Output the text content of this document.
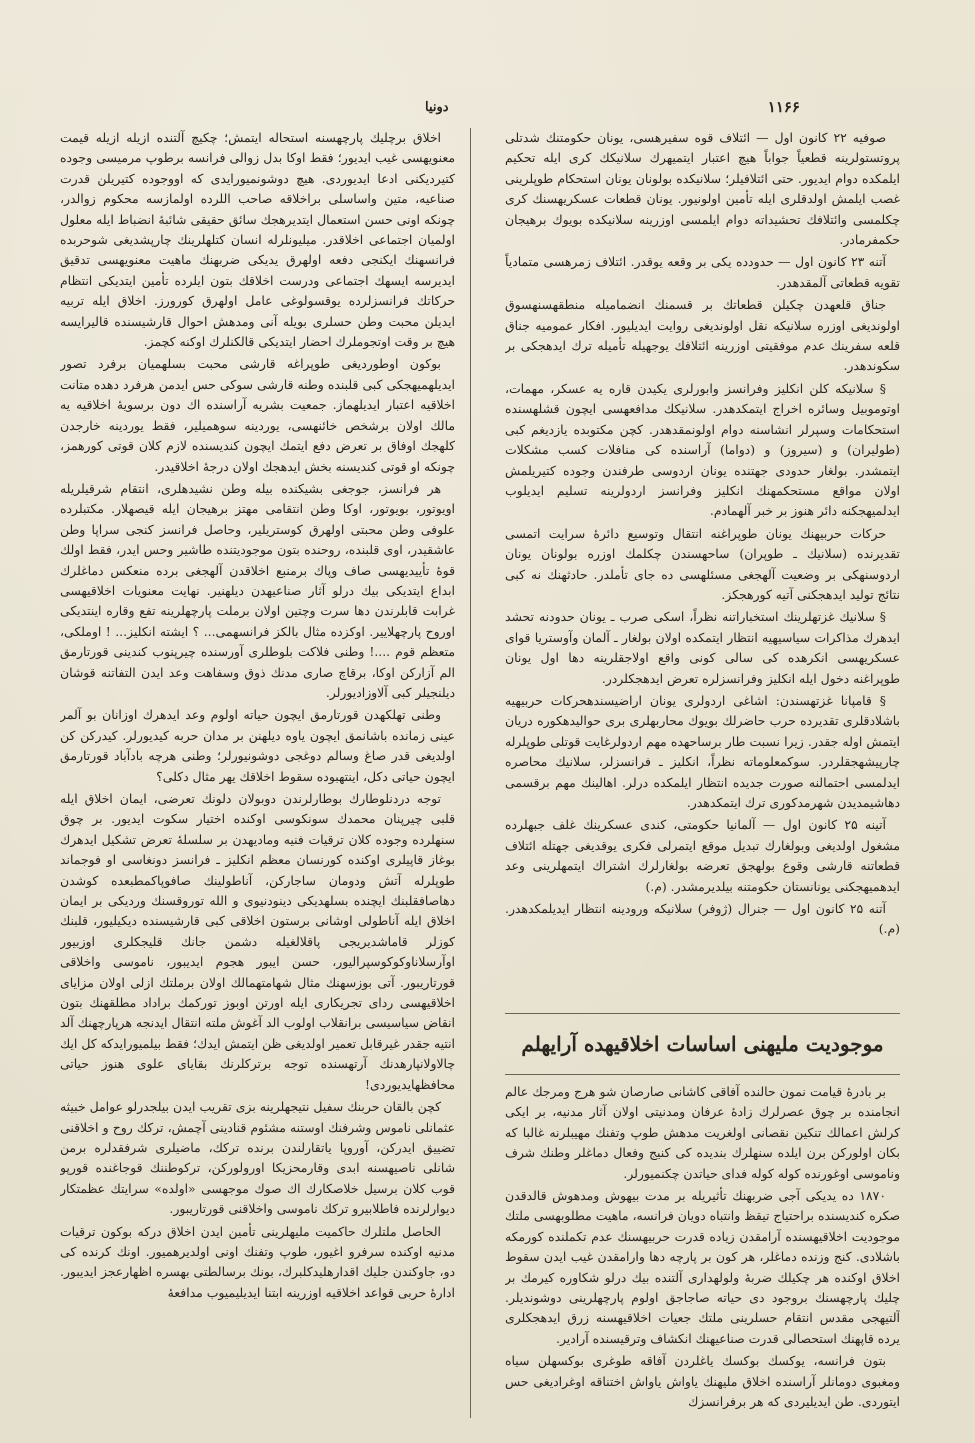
۱۱۶۶
دونیا

صوفیه ۲۲ کانون اول — ائتلاف قوه سفیرهسی، یونان حکومتنك شدتلی پروتستولرینه قطعیاً جواباً هیچ اعتبار ایتمیهرك سلانیكك کری ایله تحکیم ایلمکده دوام ایدیور. حتی ائتلافیلر؛ سلانیکده بولونان یونان استحکام طوپلرینی غصب ایلمش اولدقلری ایله تأمین اولونیور. یونان قطعات عسکریهسنك کری چکلمسی وائتلافك تحشیداته دوام ایلمسی اوزرینه سلانیکده بویوك برهیجان حکمفرمادر.

آتنه ۲۳ کانون اول — حدودده یکی بر وقعه یوقدر. ائتلاف زمرهسی متمادیاً تقویه قطعاتی آلمقدهدر.

جناق قلعهدن چکیلن قطعاتك بر قسمنك انضمامیله منطقهسنهسوق اولوندیغی اوزره سلانیکه نقل اولوندیغی روایت ایدیلیور. افکار عمومیه جناق قلعه سفرینك عدم موفقیتی اوزرینه ائتلافك یوجهیله تأمیله ترك ایدهجکی بر سکوندهدر.

§ سلانیکه کلن انکلیز وفرانسز وابورلری یکیدن قاره یه عسکر، مهمات، اوتوموبیل وسائره اخراج ایتمکدهدر. سلانیکك مدافعهسی ایچون قشلهسنده استحکامات وسپرلر انشاسنه دوام اولونمقدهدر. کچن مکتوبده یازدیغم کبی (طولیران) و (سیروز) و (دواما) آراسنده کی منافلات کسب مشکلات ایتمشدر. بولغار حدودی جهتنده یونان اردوسی طرفندن وجوده کتیریلمش اولان مواقع مستحکمهنك انکلیز وفرانسز اردولرینه تسلیم ایدیلوب ایدلمیهجکنه دائر هنوز بر خبر آلهمادم.

حرکات حربیهنك یونان طوپراغنه انتقال وتوسیع دائرهٔ سرایت اتمسی تقدیرنده (سلانیك ـ طوپران) ساحهسندن چکلمك اوزره بولونان یونان اردوسنهکی بر وضعیت آلهجغی مسئلهسی ده جای تأملدر. حادثهنك نه کبی نتائج تولید ایدهجکنی آتیه کورهجکز.

§ سلانیك غزتهلرینك استخباراتنه نظراً، اسکی صرب ـ یونان حدودنه تحشد ایدهرك مذاکرات سیاسیهیه انتظار ایتمکده اولان بولغار ـ آلمان وآوستریا قوای عسکریهسی انکرهده کی سالی کونی واقع اولاجقلرینه دها اول یونان طوپراغنه دخول ایله انکلیز وفرانسزلره تعرض ایدهجکلردر.

§ قامپانا غزتهسندن: اشاغی اردولری یونان اراضیسندهحرکات حربیهیه باشلادقلری تقدیرده حرب حاضرلك بویوك محاربهلری بری حوالیدهکوره دریان ایتمش اوله جقدر. زیرا نسبت طار برساحهده مهم اردولرغایت قوتلی طوپلرله چارپیشهجقلردر. سوکمعلوماته نظراً، انکلیز ـ فرانسزلر، سلانیك محاصره ایدلمسی احتمالنه صورت جدیده انتظار ایلمکده درلر. اهالینك مهم برقسمی دهاشیمدیدن شهرمدکوری ترك ایتمکدهدر.

آتینه ۲۵ کانون اول — آلمانیا حکومتی، کندی عسکرینك غلف جبهلرده مشغول اولدیغی وبولغارك تبدیل موقع ایتمرلی فکری یوقدیغی جهتله ائتلاف قطعاتنه قارشی وقوع بولهجق تعرضه بولغارلرك اشتراك ایتمهلرینی وعد ایدهمیهجکنی یونانستان حکومتنه بیلدیرمشدر. (م.)

آتنه ۲۵ کانون اول — جنرال (ژوفر) سلانیکه ورودینه انتظار ایدیلمکدهدر. (م.)

موجودیت ملیهنی اساسات اخلاقیهده آرایهلم

بر بادرهٔ قیامت نمون حالنده آفاقی کاشانی صارصان شو هرج ومرجك عالم انجامنده بر چوق عصرلرك زادهٔ عرفان ومدنیتی اولان آثار مدنیه، بر ایکی کرلش اعمالك تنكین نقصانی اولغریت مدهش طوپ وتفنك مهیبلرنه غالبا که بکان اولورکن برن ایلده سنهلرك بندیده کی کنیج وفعال دماغلر وطنك شرف وناموسی اوغورنده کوله کوله فدای حیاتدن چکنمیورلر.

۱۸۷۰ ده یدیکی آجی ضربهنك تأثیریله بر مدت بیهوش ومدهوش قالدقدن صکره کندیسنده براحتیاج تیقظ وانتباه دویان فرانسه، ماهیت مطلوبهسی ملتك موجودیت اخلاقیهسنده آرامقدن زیاده قدرت حربیهسنك عدم تکملنده کورمکه باشلادی. کنج وزنده دماغلر، هر کون بر پارچه دها وارامقدن غیب ایدن سقوط اخلاق اوکنده هر چکیلك ضربهٔ ولولهداری آلتنده بیك درلو شکاوره کیرمك بر چلیك پارچهسنك بروجود دی حیاته صاجاجق اولوم پارچهلرینی دوشوندیلر. آلتیهجی مقدس انتقام حسلرینی ملتك جعیات اخلاقیهسنه زرق ایدهجکلری یرده قاپهنك استحصالی قدرت صناعیهنك انکشاف وترقیسنده آرادیر.

بتون فرانسه، یوکسك بوکسك یاغلردن آفاقه طوغری بوکسهلن سیاه ومغبوی دومانلر آراسنده اخلاق ملیهنك یاواش یاواش اختناقه اوغرادیغی حس ایتوردی. طن ایدیلیردی که هر برفرانسزك

اخلاق برچلیك پارچهسنه استحاله ایتمش؛ چکیچ آلتنده ازیله ازیله قیمت معنویهسی غیب ایدیور؛ فقط اوکا بدل زوالی فرانسه برطوپ مرمیسی وجوده کتیردیکنی ادعا ایدیوردی. هیچ دوشونمیورایدی که اووجوده کتیریلن قدرت صناعیه، متین واساسلی براخلاقه صاحب اللرده اولمازسه محکوم زوالدر، چونکه اونی حسن استعمال ایتدیرهجك سائق حقیقی شائبهٔ انضباط ایله معلول اولمیان اجتماعی اخلاقدر. میلیونلرله انسان کتلهلرینك چارپشدیغی شوحربده فرانسهنك ایکنجی دفعه اولهرق یدیکی ضربهنك ماهیت معنویهسی تدقیق ایدیرسه ایسهك اجتماعی ودرست اخلاقك بتون ایلرده تأمین ایتدیکی انتظام حرکاتك فرانسزلرده یوقسولوغی عامل اولهرق کورورز. اخلاق ایله تربیه ایدیلن محبت وطن حسلری بویله آنی ومدهش احوال قارشیسنده قالیرایسه هیچ بر وقت اوتجوملرك احضار ایتدیکی قالکنلرك اوکنه کچمز.

بوکون اوطوردیغی طوپراغه قارشی محبت بسلهمیان برفرد تصور ایدیلهمیهجکی کبی قلبنده وطنه قارشی سوکی حس ایدمن هرفرد دهده متانت اخلاقیه اعتبار ایدیلهماز. جمعیت بشریه آراسنده اك دون برسویهٔ اخلاقیه یه مالك اولان برشخص خائنهسی، یوردینه سوهمیلیر، فقط یوردینه خارجدن کلهجك اوفاق بر تعرض دفع ایتمك ایچون کندیسنده لازم کلان قوتی کورهمز، چونکه او قوتی کندیسنه بخش ایدهجك اولان درجهٔ اخلاقیدر.

هر فرانسز، جوجغی بشیکنده بیله وطن نشیدهلری، انتقام شرقیلریله اویوتور، بویوتور، اوکا وطن انتقامی مهتز برهیجان ایله قیصهلار. مکتبلرده علوفی وطن محبتی اولهرق کوستریلیر، وحاصل فرانسز کنجی سراپا وطن عاشقیدر، اوی قلبنده، روحنده بتون موجودیتنده طاشیر وحس ایدر، فقط اولك قوهٔ تأییدیهسی صاف وپاك برمنبع اخلاقدن آلهجغی برده منعکس دماغلرك ابداع ایتدیکی بیك درلو آثار صناعیهدن دیلهنیر. نهایت معنویات اخلاقیهسی غرابت قابلرندن دها سرت وچتین اولان برملت پارچهلرینه تفع وقاره اینتدیکی اوروح پارچهلاییر. اوکزده مثال بالکز فرانسهمی... ؟ ایشته انکلیز... ! اوملکی، متعظم قوم ....! وطنی فلاکت بلوطلری آورسنده چیرپنوب کندینی قورتارمق الم آزارکن اوکا، برقاچ صاری مدنك ذوق وسفاهت وعد ایدن التفاتنه قوشان دیلنجیلر کبی آلاوزادیورلر.

وطنی تهلکهدن قورتارمق ایچون حیاته اولوم وعد ایدهرك اوزانان بو آلمر عینی زمانده باشانمق ایچون یاوه دیلهنن بر مدان حربه کیدیورلر. کیدرکن کن اولدیغی قدر صاغ وسالم دوغجی دوشونیورلر؛ وطنی هرچه بادآباد قورتارمق ایچون حیاتی دکل، اینتهبوده سقوط اخلاقك یهر مثال دکلی؟

توجه دردنلوطارك بوطارلرندن دوبولان دلونك تعرضی، ایمان اخلاق ایله قلبی چیرپنان محمدك سونکوسی اوکنده اختیار سکوت ایدیور. بر چوق سنهلرده وجوده کلان ترقیات فنیه ومادیهدن بر سلسلهٔ تعرض تشکیل ایدهرك بوغاز قاپیلری اوکنده کورنسان معظم انکلیز ـ فرانسز دونغاسی او فوجماند طوپلرله آتش ودومان ساجارکن، آناطولینك صافوپاکمطبعده کوشدن دهاصافقلبنك ایچنده بسلهدیکی دینودنیوی و الله توروقسنك وردیکی بر ایمان اخلاق ایله آناطولی اوشانی برستون اخلاقی کبی قارشیسنده دیکیلیور، قلبنك کوزلر قاماشدیریجی پاقلالغیله دشمن جانك قلیجکلری اوزبیور اوآرسلاناوکوکوسپرالیور، حسن ایبور هجوم ایدیبور، ناموسی واخلاقی قورتاریبور. آتی بوزسهنك مثال شهامتهمالك اولان برملتك ازلی اولان مزایای اخلاقیهسی ردای تجریکاری ایله اورتن اوبوز تورکمك براداد مطلقهنك بتون انقاض سیاسیسی برانقلاب اولوب الد آغوش ملته انتقال ایدنجه هرپارچهنك آلد انتیه جقدر غیرقابل تعمیر اولدیغی ظن ایتمش ایدك؛ فقط بیلمیورایدکه کل ایك چالاولانپارهدنك آرتهسنده توجه برترکلرنك بقایای علوی هنوز حیاتی محافظهایدیوردی!

کچن بالقان حربنك سفیل نتیجهلرینه بزی تقریب ایدن بیلجدرلو عوامل خبیثه عثمانلی ناموس وشرفنك اوستنه مشئوم قنادینی آچمش، ترکك روح و اخلاقنی تضییق ایدرکن، آوروپا یاتقارلندن برنده ترکك، ماضیلری شرفقدلره برمن شانلی ناصیهسنه ابدی وقارمحزیکا اورولورکن، ترکوطننك قوجاغنده قورپو قوب کلان برسیل خلاصکارك اك صوك موجهسی «اولده» سرایتك عظمتکار دیوارلرنده فاطلابیرو ترکك ناموسی واخلاقنی قورتاریبور.

الحاصل ملتلرك حاکمیت ملیهلرینی تأمین ایدن اخلاق درکه بوکون ترقیات مدنیه اوکنده سرفرو اغیور، طوپ وتفنك اونی اولدیرهمیور. اونك کرنده کی دو، جاوکندن جلیك اقدارهلیدكلبرك، بونك برسالطتی بهسره اظهارعجز ایدیبور. ادارهٔ حربی قواعد اخلاقیه اوزرینه ابتنا ایدیلیمیوب مدافعهٔ
